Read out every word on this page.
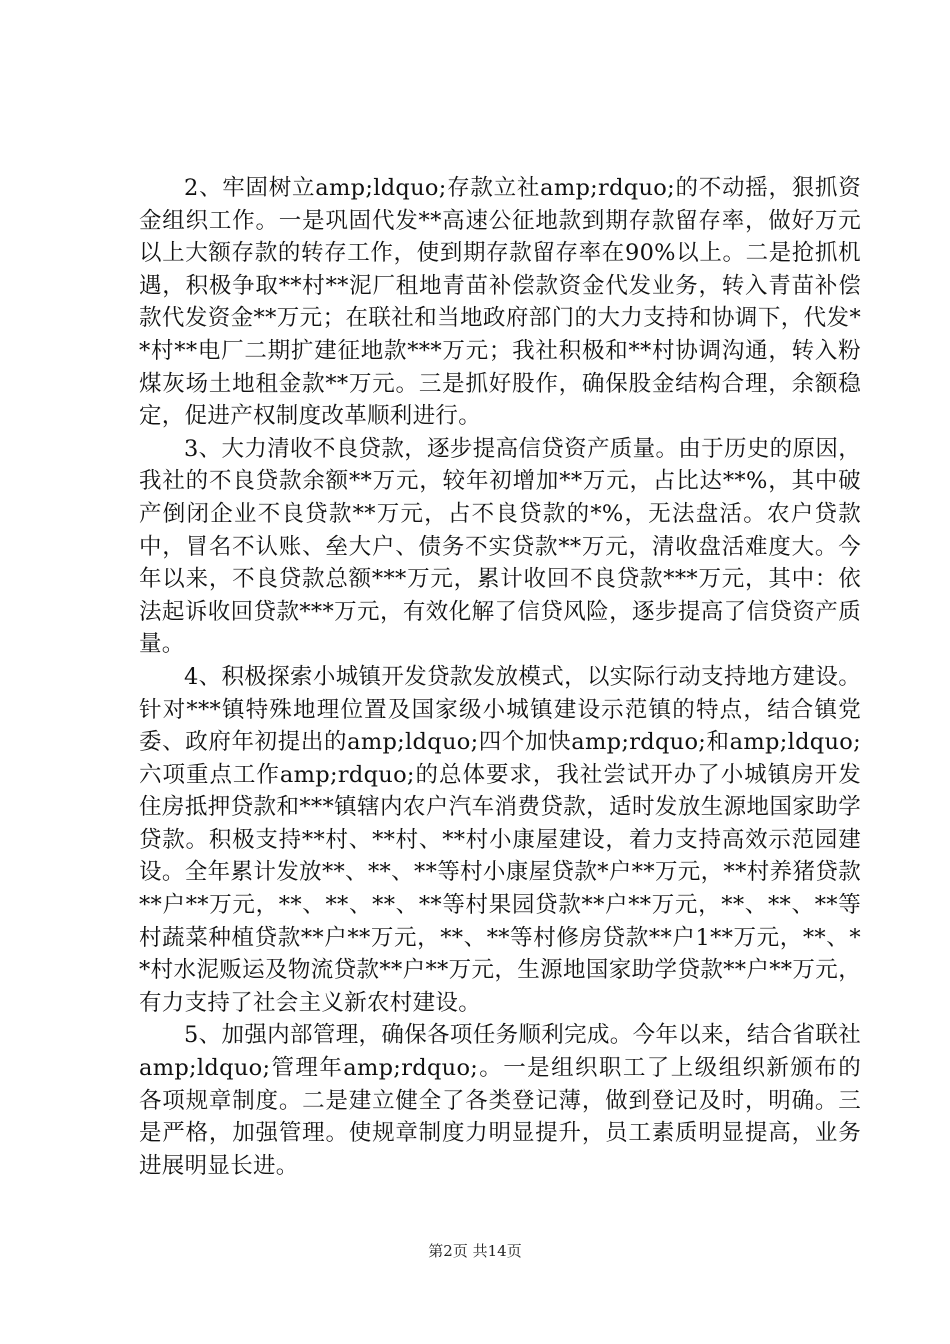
2、牢固树立amp;ldquo;存款立社amp;rdquo;的不动摇，狠抓资金组织工作。一是巩固代发**高速公征地款到期存款留存率，做好万元以上大额存款的转存工作，使到期存款留存率在90%以上。二是抢抓机遇，积极争取**村**泥厂租地青苗补偿款资金代发业务，转入青苗补偿款代发资金**万元；在联社和当地政府部门的大力支持和协调下，代发**村**电厂二期扩建征地款***万元；我社积极和**村协调沟通，转入粉煤灰场土地租金款**万元。三是抓好股作，确保股金结构合理，余额稳定，促进产权制度改革顺利进行。

3、大力清收不良贷款，逐步提高信贷资产质量。由于历史的原因，我社的不良贷款余额**万元，较年初增加**万元，占比达**%，其中破产倒闭企业不良贷款**万元，占不良贷款的*%，无法盘活。农户贷款中，冒名不认账、垒大户、债务不实贷款**万元，清收盘活难度大。今年以来，不良贷款总额***万元，累计收回不良贷款***万元，其中：依法起诉收回贷款***万元，有效化解了信贷风险，逐步提高了信贷资产质量。

4、积极探索小城镇开发贷款发放模式，以实际行动支持地方建设。针对***镇特殊地理位置及国家级小城镇建设示范镇的特点，结合镇党委、政府年初提出的amp;ldquo;四个加快amp;rdquo;和amp;ldquo;六项重点工作amp;rdquo;的总体要求，我社尝试开办了小城镇房开发住房抵押贷款和***镇辖内农户汽车消费贷款，适时发放生源地国家助学贷款。积极支持**村、**村、**村小康屋建设，着力支持高效示范园建设。全年累计发放**、**、**等村小康屋贷款*户**万元，**村养猪贷款**户**万元，**、**、**、**等村果园贷款**户**万元，**、**、**等村蔬菜种植贷款**户**万元，**、**等村修房贷款**户1**万元，**、**村水泥贩运及物流贷款**户**万元，生源地国家助学贷款**户**万元，有力支持了社会主义新农村建设。

5、加强内部管理，确保各项任务顺利完成。今年以来，结合省联社amp;ldquo;管理年amp;rdquo;。一是组织职工了上级组织新颁布的各项规章制度。二是建立健全了各类登记薄，做到登记及时，明确。三是严格，加强管理。使规章制度力明显提升，员工素质明显提高，业务进展明显长进。

第2页 共14页
